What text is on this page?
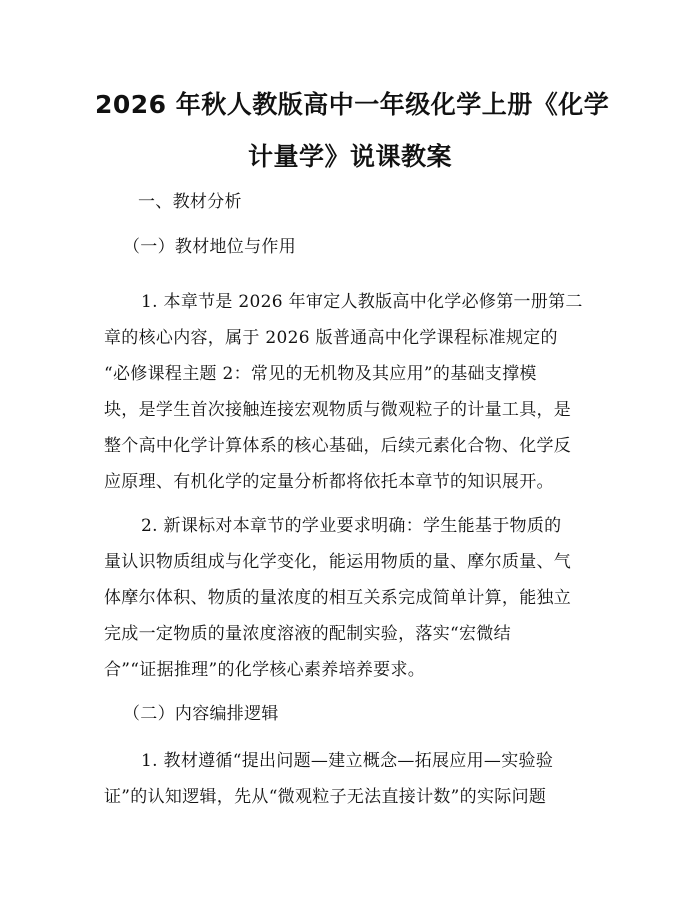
2026 年秋人教版高中一年级化学上册《化学
计量学》说课教案
一、教材分析
（一）教材地位与作用
1. 本章节是 2026 年审定人教版高中化学必修第一册第二
章的核心内容，属于 2026 版普通高中化学课程标准规定的
“必修课程主题 2：常见的无机物及其应用”的基础支撑模
块，是学生首次接触连接宏观物质与微观粒子的计量工具，是
整个高中化学计算体系的核心基础，后续元素化合物、化学反
应原理、有机化学的定量分析都将依托本章节的知识展开。
2. 新课标对本章节的学业要求明确：学生能基于物质的
量认识物质组成与化学变化，能运用物质的量、摩尔质量、气
体摩尔体积、物质的量浓度的相互关系完成简单计算，能独立
完成一定物质的量浓度溶液的配制实验，落实“宏微结
合”“证据推理”的化学核心素养培养要求。
（二）内容编排逻辑
1. 教材遵循“提出问题—建立概念—拓展应用—实验验
证”的认知逻辑，先从“微观粒子无法直接计数”的实际问题
